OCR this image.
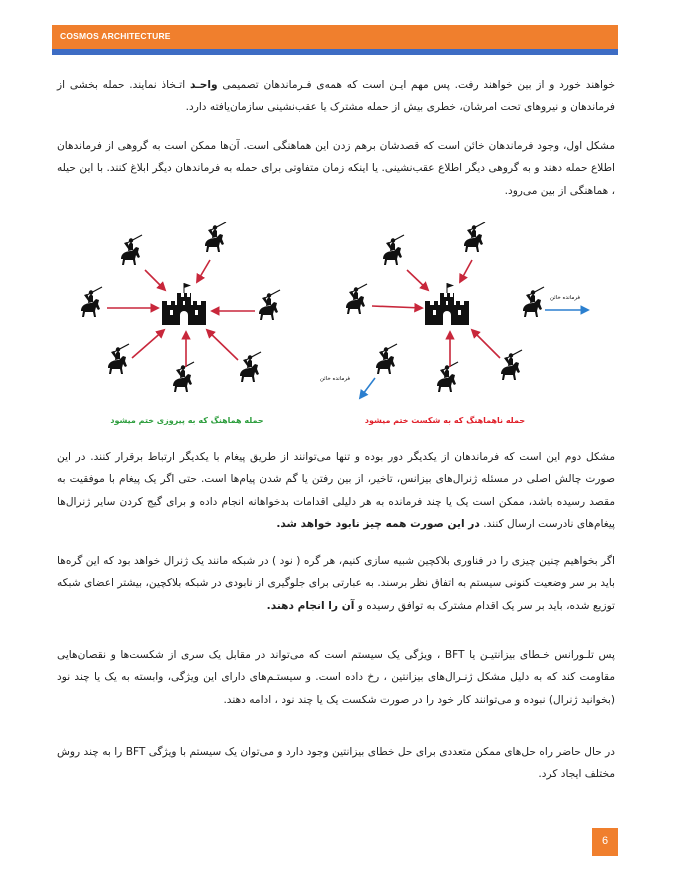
COSMOS ARCHITECTURE

خواهند خورد و از بین خواهند رفت. پس مهم ایـن است که همه‌ی فـرماندهان تصمیمی واحـد اتـخاذ نمایند. حمله بخشی از فرماندهان و نیروهای تحت امرشان، خطری بیش از حمله مشترک یا عقب‌نشینی سازمان‌یافته دارد.

مشکل اول، وجود فرماندهان خائن است که قصدشان برهم زدن این هماهنگی است. آن‌ها ممکن است به گروهی از فرماندهان اطلاع حمله دهند و به گروهی دیگر اطلاع عقب‌نشینی. یا اینکه زمان متفاوتی برای حمله به فرماندهان دیگر ابلاغ کنند. با این حیله ، هماهنگی از بین می‌رود.

حمله هماهنگ که به پیروزی ختم میشود
فرمانده خائن
فرمانده خائن
حمله ناهماهنگ که به شکست ختم میشود

مشکل دوم این است که فرماندهان از یکدیگر دور بوده و تنها می‌توانند از طریق پیغام با یکدیگر ارتباط برقرار کنند. در این صورت چالش اصلی در مسئله ژنرال‌های بیزانس، تاخیر، از بین رفتن یا گم شدن پیام‌ها است. حتی اگر یک پیغام با موفقیت به مقصد رسیده باشد، ممکن است یک یا چند فرمانده به هر دلیلی اقدامات بدخواهانه انجام داده و برای گیج کردن سایر ژنرال‌ها پیغام‌های نادرست ارسال کنند. در این صورت همه چیز نابود خواهد شد.

اگر بخواهیم چنین چیزی را در فناوری بلاکچین شبیه سازی کنیم، هر گره ( نود ) در شبکه مانند یک ژنرال خواهد بود که این گره‌ها باید بر سر وضعیت کنونی سیستم به اتفاق نظر برسند. به عبارتی برای جلوگیری از نابودی در شبکه بلاکچین، بیشتر اعضای شبکه توزیع شده، باید بر سر یک اقدام مشترک به توافق رسیده و آن را انجام دهند.

پس تلـورانس خـطای بیزانتیـن یا BFT ، ویژگی یک سیستم است که می‌تواند در مقابل یک سری از شکست‌ها و نقصان‌هایی مقاومت کند که به دلیل مشکل ژنـرال‌های بیزانتین ، رخ داده است. و سیستـم‌های دارای این ویژگی، وابسته به یک یا چند نود (بخوانید ژنرال) نبوده و می‌توانند کار خود را در صورت شکست یک یا چند نود ، ادامه دهند.

در حال حاضر راه حل‌های ممکن متعددی برای حل خطای بیزانتین وجود دارد و می‌توان یک سیستم با ویژگی BFT را به چند روش مختلف ایجاد کرد.

6
